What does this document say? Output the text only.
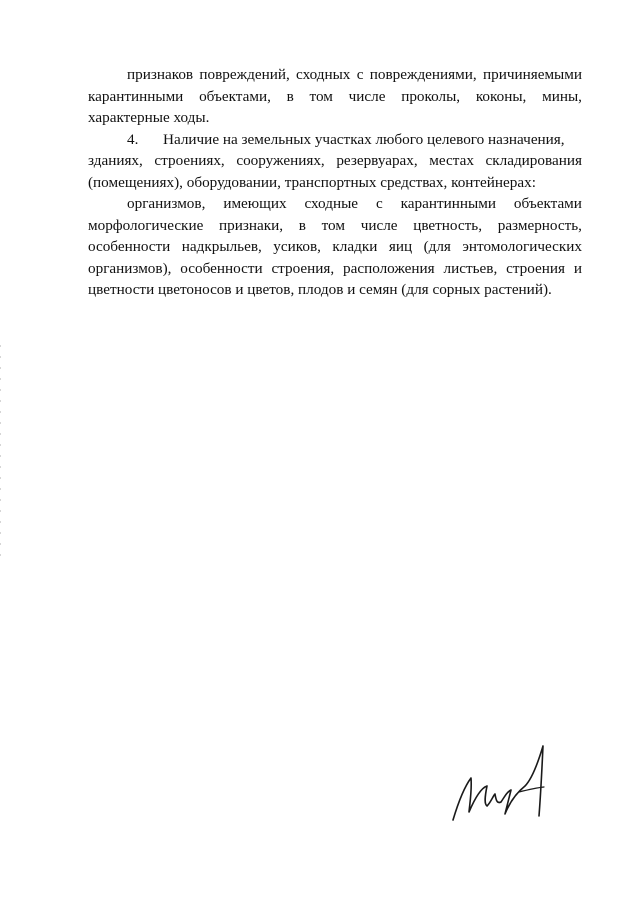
признаков повреждений, сходных с повреждениями, причиняемыми
карантинными объектами, в том числе проколы, коконы, мины,
характерные ходы.
4. Наличие на земельных участках любого целевого назначения,
зданиях, строениях, сооружениях, резервуарах, местах складирования
(помещениях), оборудовании, транспортных средствах, контейнерах:
организмов, имеющих сходные с карантинными объектами
морфологические признаки, в том числе цветность, размерность,
особенности надкрыльев, усиков, кладки яиц (для энтомологических
организмов), особенности строения, расположения листьев, строения и
цветности цветоносов и цветов, плодов и семян (для сорных растений).
